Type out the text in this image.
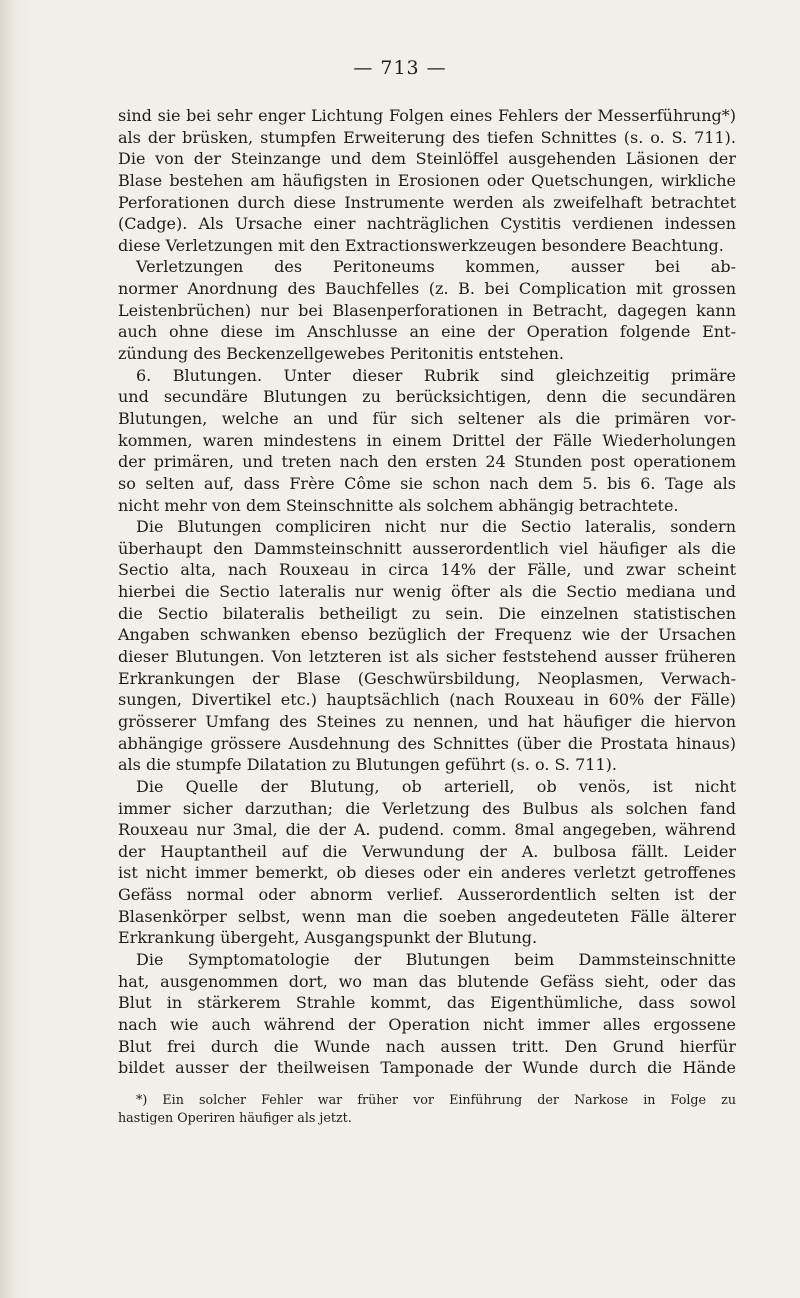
— 713 —
sind sie bei sehr enger Lichtung Folgen eines Fehlers der Messerführung*)
als der brüsken, stumpfen Erweiterung des tiefen Schnittes (s. o. S. 711).
Die von der Steinzange und dem Steinlöffel ausgehenden Läsionen der
Blase bestehen am häufigsten in Erosionen oder Quetschungen, wirkliche
Perforationen durch diese Instrumente werden als zweifelhaft betrachtet
(Cadge). Als Ursache einer nachträglichen Cystitis verdienen indessen
diese Verletzungen mit den Extractionswerkzeugen besondere Beachtung.
Verletzungen des Peritoneums kommen, ausser bei ab-
normer Anordnung des Bauchfelles (z. B. bei Complication mit grossen
Leistenbrüchen) nur bei Blasenperforationen in Betracht, dagegen kann
auch ohne diese im Anschlusse an eine der Operation folgende Ent-
zündung des Beckenzellgewebes Peritonitis entstehen.
6. Blutungen. Unter dieser Rubrik sind gleichzeitig primäre
und secundäre Blutungen zu berücksichtigen, denn die secundären
Blutungen, welche an und für sich seltener als die primären vor-
kommen, waren mindestens in einem Drittel der Fälle Wiederholungen
der primären, und treten nach den ersten 24 Stunden post operationem
so selten auf, dass Frère Côme sie schon nach dem 5. bis 6. Tage als
nicht mehr von dem Steinschnitte als solchem abhängig betrachtete.
Die Blutungen compliciren nicht nur die Sectio lateralis, sondern
überhaupt den Dammsteinschnitt ausserordentlich viel häufiger als die
Sectio alta, nach Rouxeau in circa 14% der Fälle, und zwar scheint
hierbei die Sectio lateralis nur wenig öfter als die Sectio mediana und
die Sectio bilateralis betheiligt zu sein. Die einzelnen statistischen
Angaben schwanken ebenso bezüglich der Frequenz wie der Ursachen
dieser Blutungen. Von letzteren ist als sicher feststehend ausser früheren
Erkrankungen der Blase (Geschwürsbildung, Neoplasmen, Verwach-
sungen, Divertikel etc.) hauptsächlich (nach Rouxeau in 60% der Fälle)
grösserer Umfang des Steines zu nennen, und hat häufiger die hiervon
abhängige grössere Ausdehnung des Schnittes (über die Prostata hinaus)
als die stumpfe Dilatation zu Blutungen geführt (s. o. S. 711).
Die Quelle der Blutung, ob arteriell, ob venös, ist nicht
immer sicher darzuthan; die Verletzung des Bulbus als solchen fand
Rouxeau nur 3mal, die der A. pudend. comm. 8mal angegeben, während
der Hauptantheil auf die Verwundung der A. bulbosa fällt. Leider
ist nicht immer bemerkt, ob dieses oder ein anderes verletzt getroffenes
Gefäss normal oder abnorm verlief. Ausserordentlich selten ist der
Blasenkörper selbst, wenn man die soeben angedeuteten Fälle älterer
Erkrankung übergeht, Ausgangspunkt der Blutung.
Die Symptomatologie der Blutungen beim Dammsteinschnitte
hat, ausgenommen dort, wo man das blutende Gefäss sieht, oder das
Blut in stärkerem Strahle kommt, das Eigenthümliche, dass sowol
nach wie auch während der Operation nicht immer alles ergossene
Blut frei durch die Wunde nach aussen tritt. Den Grund hierfür
bildet ausser der theilweisen Tamponade der Wunde durch die Hände
*) Ein solcher Fehler war früher vor Einführung der Narkose in Folge zu
hastigen Operiren häufiger als jetzt.
